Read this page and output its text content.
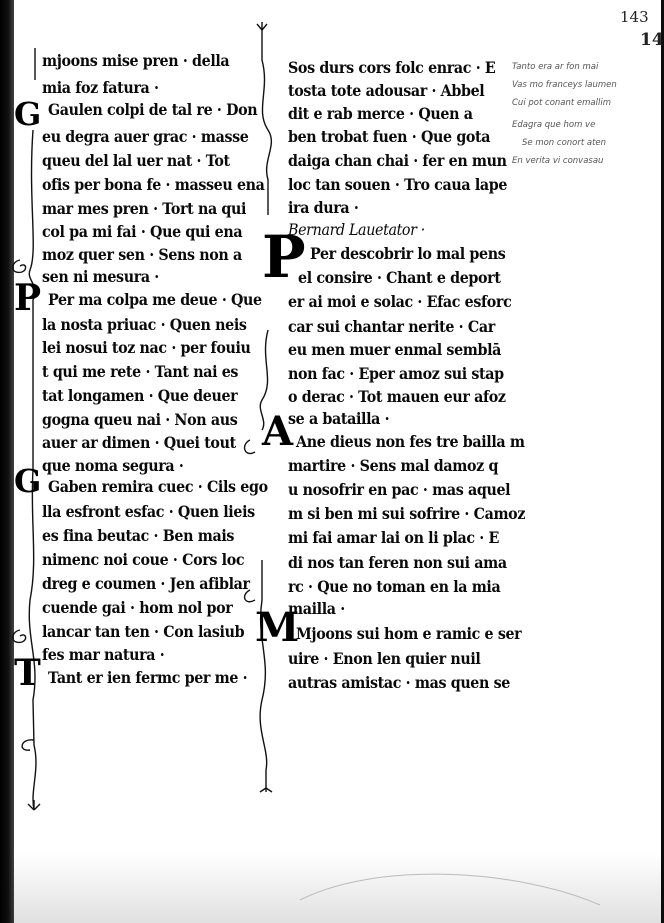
143
14
G
P
G
T
P
A
M
mjoons mise pren · della
mia foz fatura ·
Gaulen colpi de tal re · Don
eu degra auer grac · masse
queu del lal uer nat · Tot
ofis per bona fe · masseu ena
mar mes pren · Tort na qui
col pa mi fai · Que qui ena
moz quer sen · Sens non a
sen ni mesura ·
Per ma colpa me deue · Que
la nosta priuac · Quen neis
lei nosui toz nac · per fouiu
t qui me rete · Tant nai es
tat longamen · Que deuer
gogna queu nai · Non aus
auer ar dimen · Quei tout
que noma segura ·
Gaben remira cuec · Cils ego
lla esfront esfac · Quen lieis
es fina beutac · Ben mais
nimenc noi coue · Cors loc
dreg e coumen · Jen afiblar
cuende gai · hom nol por
lancar tan ten · Con lasiub
fes mar natura ·
Tant er ien fermc per me ·
Sos durs cors folc enrac · E
tosta tote adousar · Abbel
dit e rab merce · Quen a
ben trobat fuen · Que gota
daiga chan chai · fer en mun
loc tan souen · Tro caua lape
ira dura ·
Bernard Lauetator ·
Per descobrir lo mal pens
el consire · Chant e deport
er ai moi e solac · Efac esforc
car sui chantar nerite · Car
eu men muer enmal semblā
non fac · Eper amoz sui stap
o derac · Tot mauen eur afoz
se a batailla ·
Ane dieus non fes tre bailla m
martire · Sens mal damoz q
u nosofrir en pac · mas aquel
m si ben mi sui sofrire · Camoz
mi fai amar lai on li plac · E
di nos tan feren non sui ama
rc · Que no toman en la mia
mailla ·
Mjoons sui hom e ramic e ser
uire · Enon len quier nuil
autras amistac · mas quen se
Tanto era ar fon mai
Vas mo franceys laumen
Cui pot conant emallim
Edagra que hom ve
Se mon conort aten
En verita vi convasau
